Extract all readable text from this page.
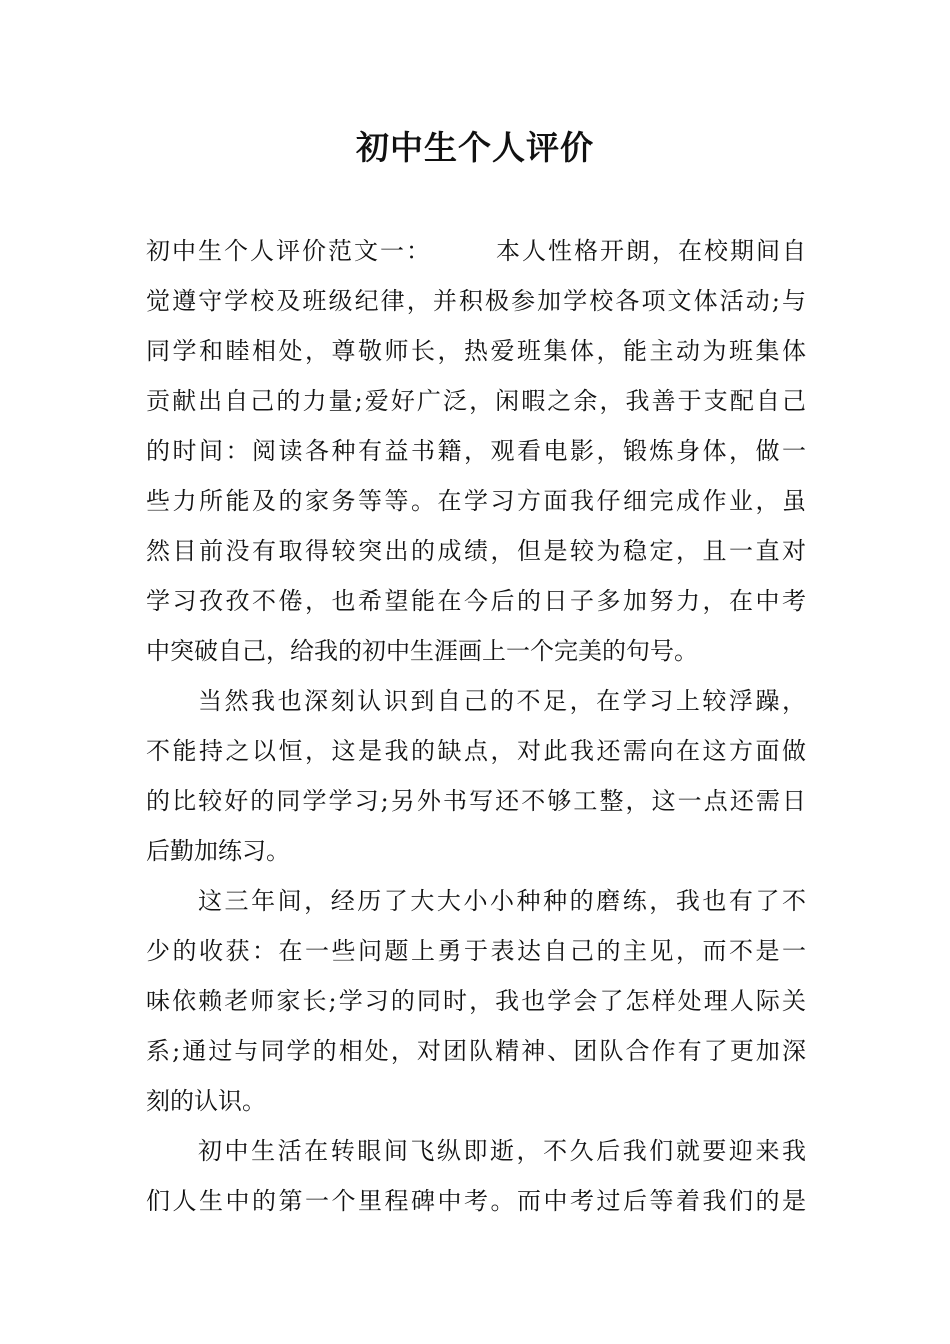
初中生个人评价
初中生个人评价范文一：	本人性格开朗，在校期间自
觉遵守学校及班级纪律，并积极参加学校各项文体活动;与
同学和睦相处，尊敬师长，热爱班集体，能主动为班集体
贡献出自己的力量;爱好广泛，闲暇之余，我善于支配自己
的时间：阅读各种有益书籍，观看电影，锻炼身体，做一
些力所能及的家务等等。在学习方面我仔细完成作业，虽
然目前没有取得较突出的成绩，但是较为稳定，且一直对
学习孜孜不倦，也希望能在今后的日子多加努力，在中考
中突破自己，给我的初中生涯画上一个完美的句号。
当然我也深刻认识到自己的不足，在学习上较浮躁，
不能持之以恒，这是我的缺点，对此我还需向在这方面做
的比较好的同学学习;另外书写还不够工整，这一点还需日
后勤加练习。
这三年间，经历了大大小小种种的磨练，我也有了不
少的收获：在一些问题上勇于表达自己的主见，而不是一
味依赖老师家长;学习的同时，我也学会了怎样处理人际关
系;通过与同学的相处，对团队精神、团队合作有了更加深
刻的认识。
初中生活在转眼间飞纵即逝，不久后我们就要迎来我
们人生中的第一个里程碑中考。而中考过后等着我们的是
